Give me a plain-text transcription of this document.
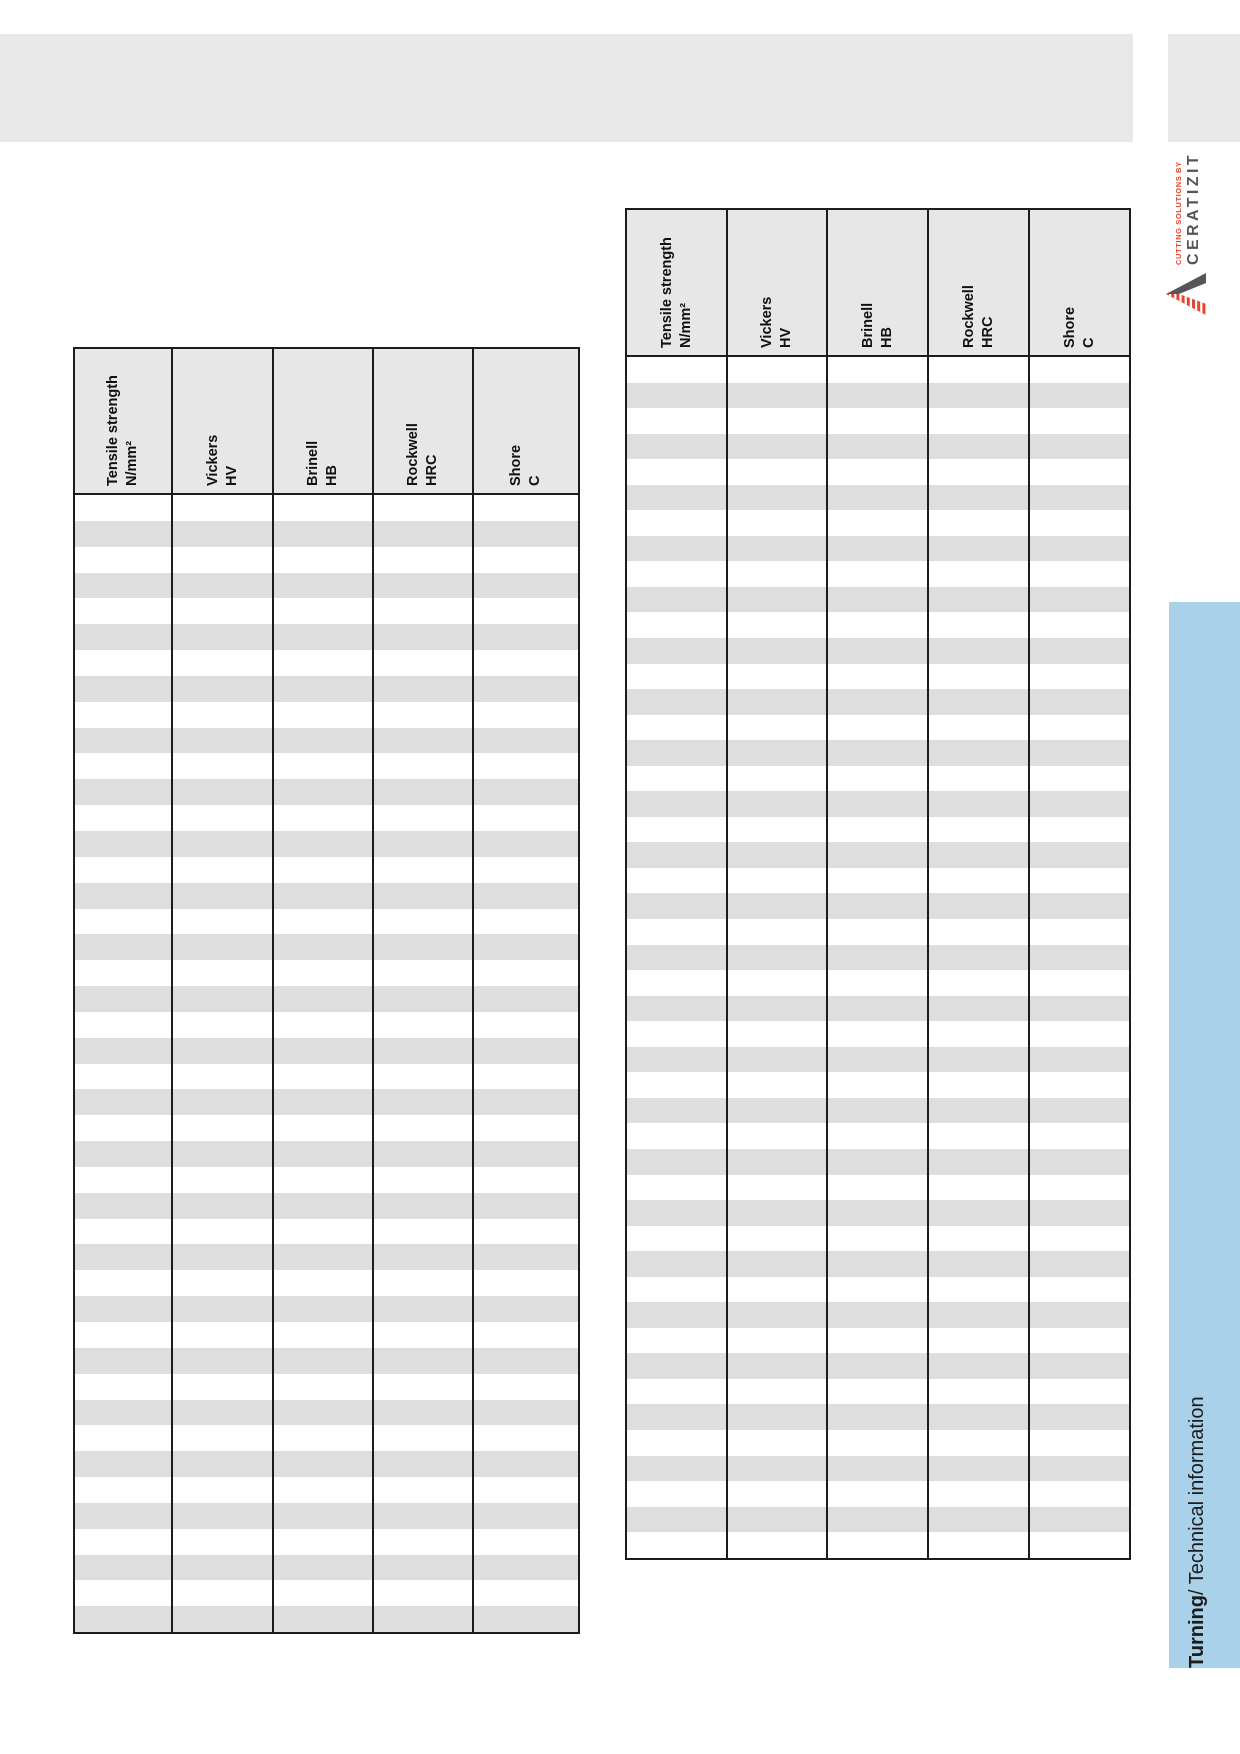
CUTTING SOLUTIONS BY CERATIZIT
Turning
/ Technical information
Tensile strength N/mm²	Vickers HV	Brinell HB	Rockwell HRC	Shore C
Tensile strength N/mm²	Vickers HV	Brinell HB	Rockwell HRC	Shore C
